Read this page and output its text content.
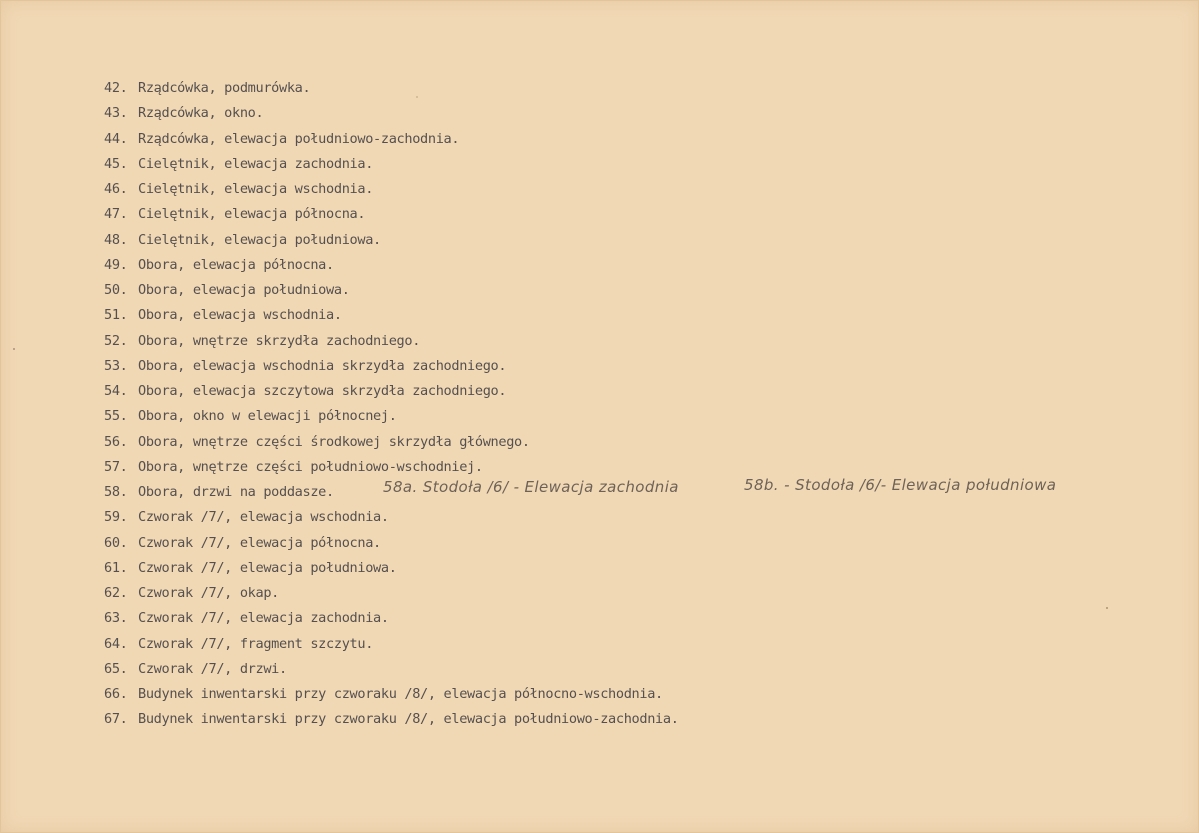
42. Rządcówka, podmurówka.
43. Rządcówka, okno.
44. Rządcówka, elewacja południowo-zachodnia.
45. Cielętnik, elewacja zachodnia.
46. Cielętnik, elewacja wschodnia.
47. Cielętnik, elewacja północna.
48. Cielętnik, elewacja południowa.
49. Obora, elewacja północna.
50. Obora, elewacja południowa.
51. Obora, elewacja wschodnia.
52. Obora, wnętrze skrzydła zachodniego.
53. Obora, elewacja wschodnia skrzydła zachodniego.
54. Obora, elewacja szczytowa skrzydła zachodniego.
55. Obora, okno w elewacji północnej.
56. Obora, wnętrze części środkowej skrzydła głównego.
57. Obora, wnętrze części południowo-wschodniej.
58. Obora, drzwi na poddasze.
59. Czworak /7/, elewacja wschodnia.
60. Czworak /7/, elewacja północna.
61. Czworak /7/, elewacja południowa.
62. Czworak /7/, okap.
63. Czworak /7/, elewacja zachodnia.
64. Czworak /7/, fragment szczytu.
65. Czworak /7/, drzwi.
66. Budynek inwentarski przy czworaku /8/, elewacja północno-wschodnia.
67. Budynek inwentarski przy czworaku /8/, elewacja południowo-zachodnia.
58a. Stodoła /6/ - Elewacja zachodnia	58b. - Stodoła /6/- Elewacja południowa
